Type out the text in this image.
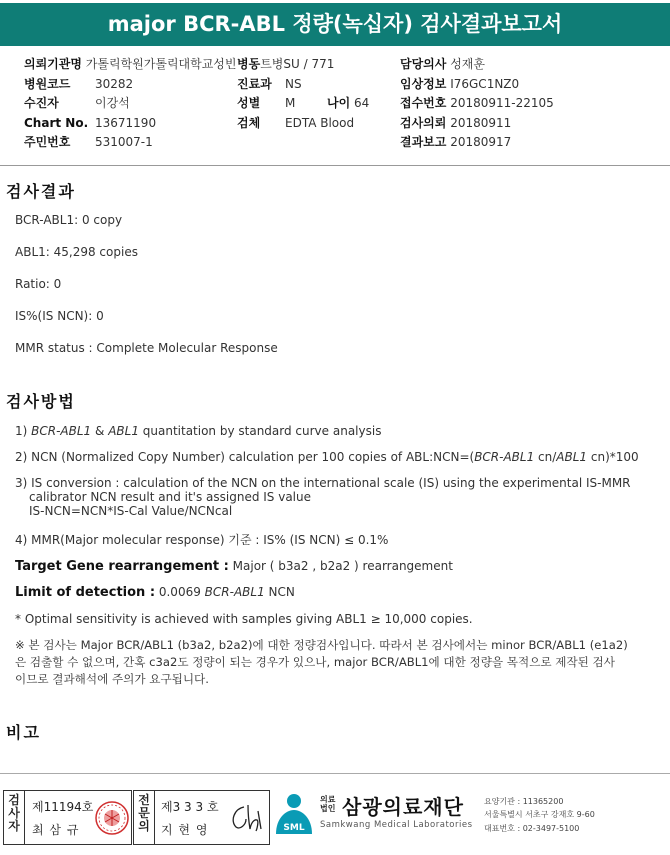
major BCR-ABL 정량(녹십자) 검사결과보고서
의뢰기관명 가톨릭학원가톨릭대학교성빈 병동트병SU / 771	담당의사 성재훈
병원코드 30282	진료과 NS	임상정보 I76GC1NZ0
수진자	이강석	성별 M	나이 64	접수번호 20180911-22105
Chart No. 13671190	검체 EDTA Blood	검사의뢰 20180911
주민번호 531007-1	결과보고 20180917
검사결과
BCR-ABL1: 0 copy
ABL1: 45,298 copies
Ratio: 0
IS%(IS NCN): 0
MMR status : Complete Molecular Response
검사방법
1) BCR-ABL1 & ABL1 quantitation by standard curve analysis
2) NCN (Normalized Copy Number) calculation per 100 copies of ABL:NCN=(BCR-ABL1 cn/ABL1 cn)*100
3) IS conversion : calculation of the NCN on the international scale (IS) using the experimental IS-MMR
calibrator NCN result and it's assigned IS value
IS-NCN=NCN*IS-Cal Value/NCNcal
4) MMR(Major molecular response) 기준 : IS% (IS NCN) ≤ 0.1%
Target Gene rearrangement : Major ( b3a2 , b2a2 ) rearrangement
Limit of detection : 0.0069 BCR-ABL1 NCN
* Optimal sensitivity is achieved with samples giving ABL1 ≥ 10,000 copies.
※ 본 검사는 Major BCR/ABL1 (b3a2, b2a2)에 대한 정량검사입니다. 따라서 본 검사에서는 minor BCR/ABL1 (e1a2)
은 검출할 수 없으며, 간혹 c3a2도 정량이 되는 경우가 있으나, major BCR/ABL1에 대한 정량을 목적으로 제작된 검사
이므로 결과해석에 주의가 요구됩니다.
비고
검
사
자
제11194호
최 삼 규
전
문
의
제3 3 3 호
지 현 영	SML
의료
법인 삼광의료재단
Samkwang Medical Laboratories
요양기관 : 11365200
서울특별시 서초구 강재호 9-60
대표번호 : 02-3497-5100
